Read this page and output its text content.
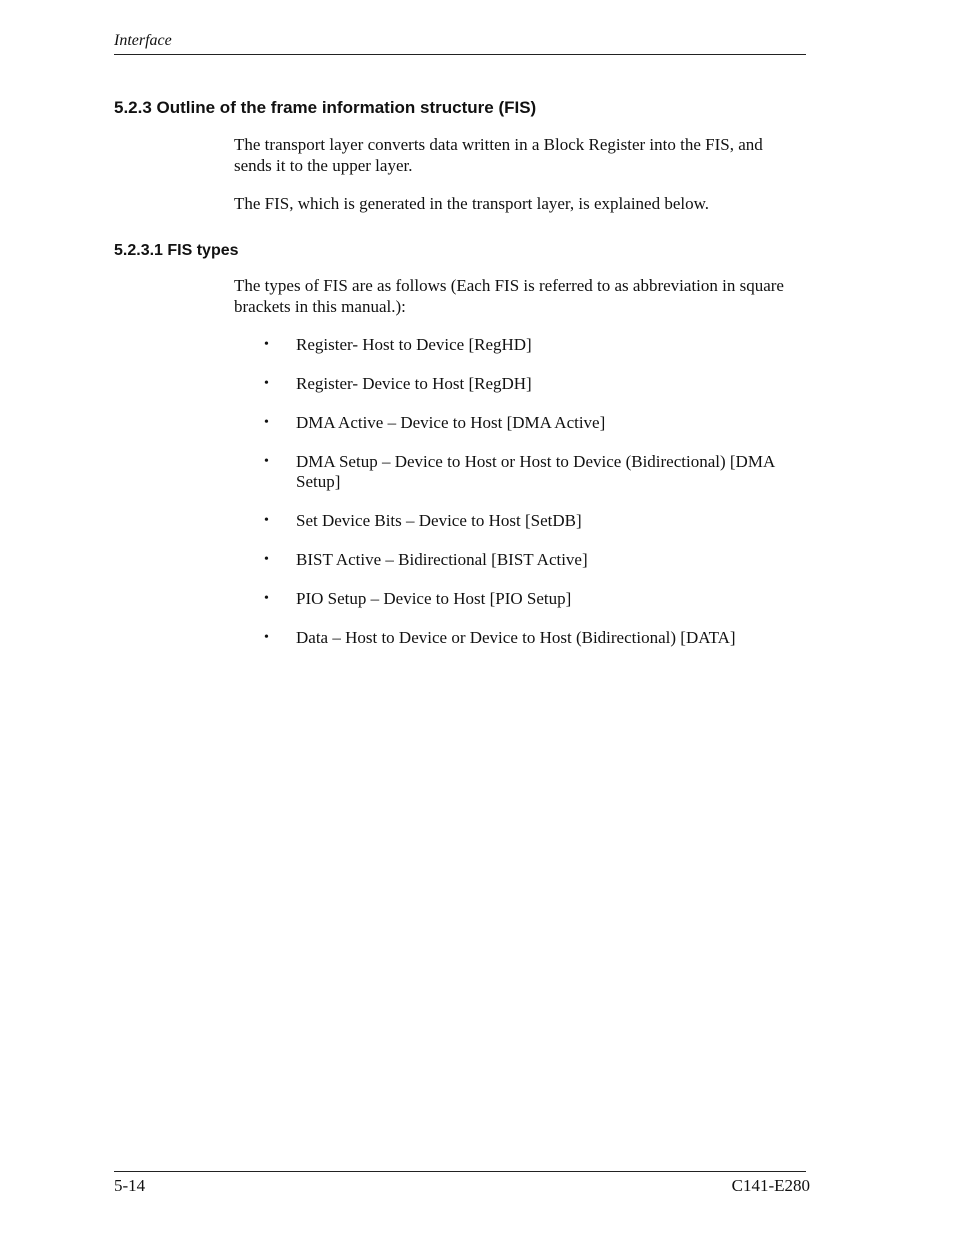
Interface
5.2.3 Outline of the frame information structure (FIS)

The transport layer converts data written in a Block Register into the FIS, and sends it to the upper layer.

The FIS, which is generated in the transport layer, is explained below.

5.2.3.1 FIS types

The types of FIS are as follows (Each FIS is referred to as abbreviation in square brackets in this manual.):

• Register- Host to Device [RegHD]
• Register- Device to Host [RegDH]
• DMA Active – Device to Host [DMA Active]
• DMA Setup – Device to Host or Host to Device (Bidirectional) [DMA Setup]
• Set Device Bits – Device to Host [SetDB]
• BIST Active – Bidirectional [BIST Active]
• PIO Setup – Device to Host [PIO Setup]
• Data – Host to Device or Device to Host (Bidirectional) [DATA]
5-14	C141-E280
